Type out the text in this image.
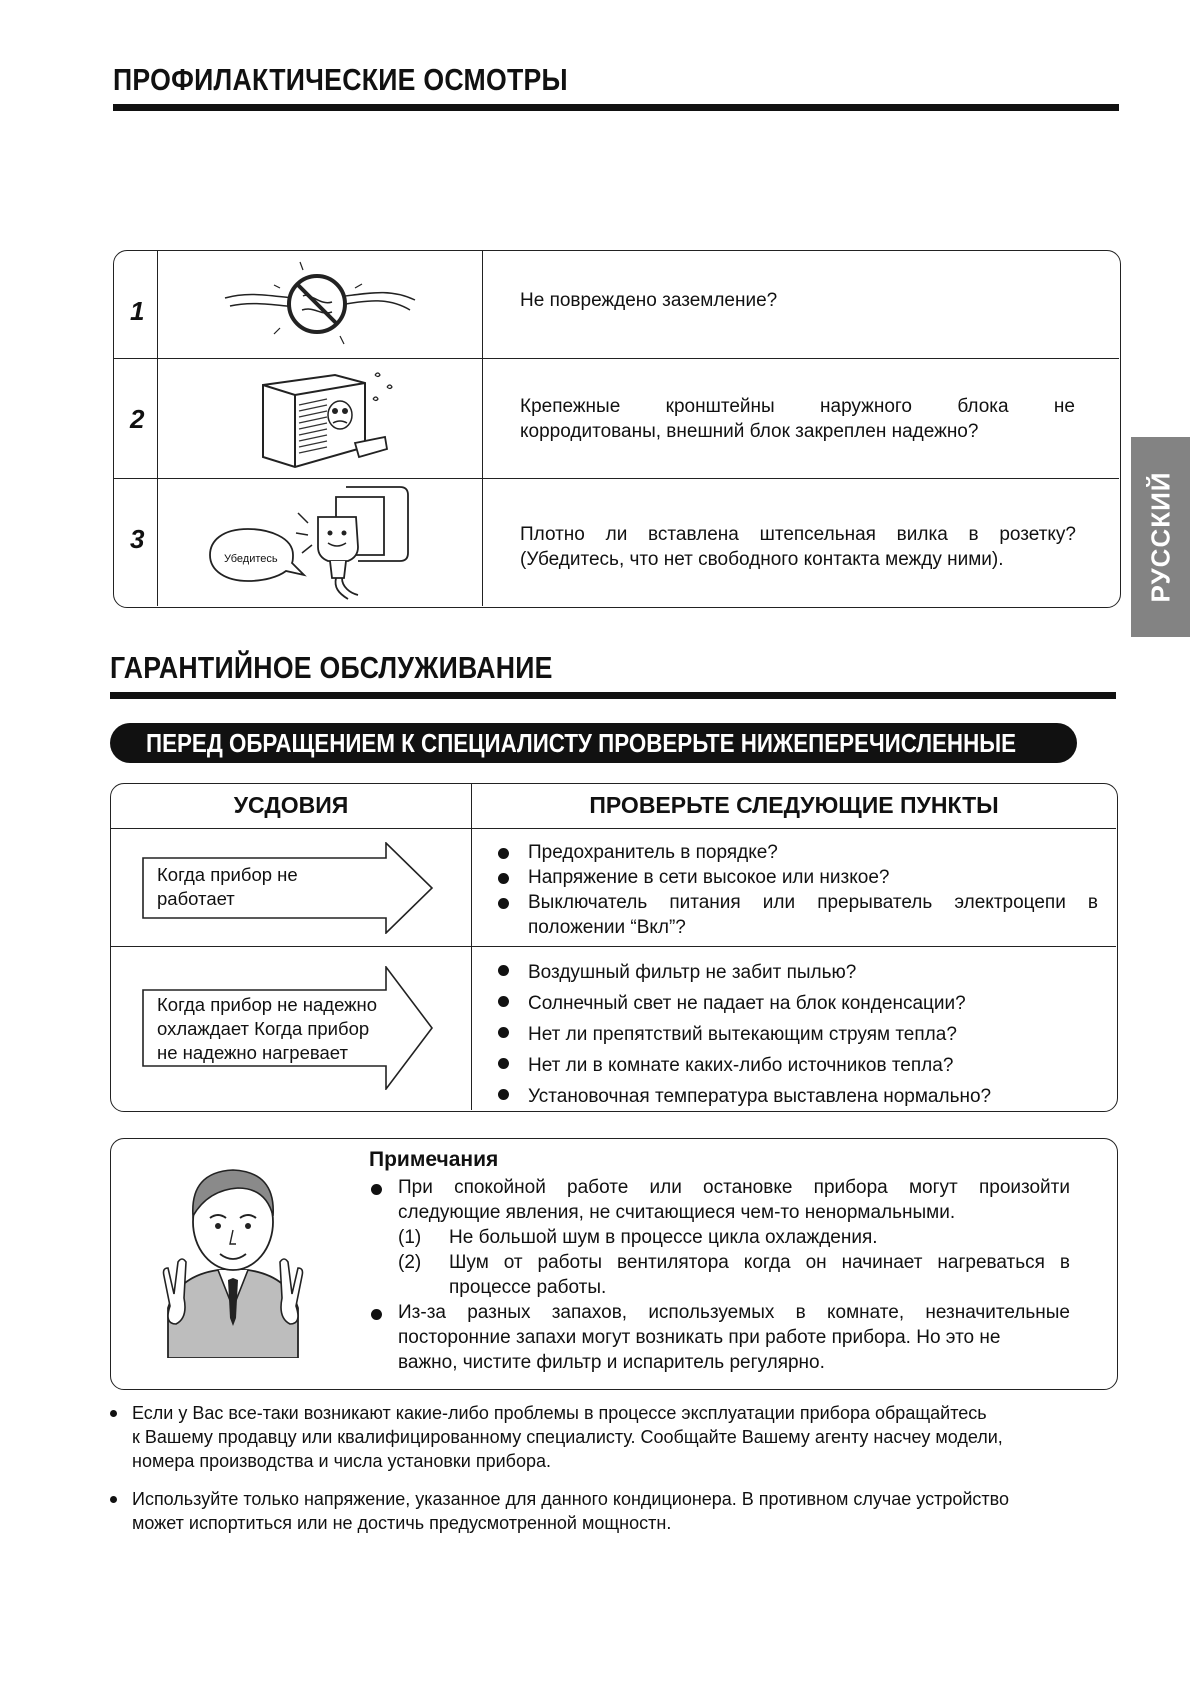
ПРОФИЛАКТИЧЕСКИЕ ОСМОТРЫ
1
2
3
Убедитесь
Не повреждено заземление?
Крепежные кронштейны наружного блока не
корродитованы, внешний блок закреплен надежно?
Плотно ли вставлена штепсельная вилка в розетку?
(Убедитесь, что нет свободного контакта между ними).	РУССКИЙ
ГАРАНТИЙНОЕ ОБСЛУЖИВАНИЕ
ПЕРЕД ОБРАЩЕНИЕМ К СПЕЦИАЛИСТУ ПРОВЕРЬТЕ НИЖЕПЕРЕЧИСЛЕННЫЕ
УСДОВИЯ	ПРОВЕРЬТЕ СЛЕДУЮЩИЕ ПУНКТЫ
Когда прибор не
работает
Предохранитель в порядке?
Напряжение в сети высокое или низкое?
Выключатель питания или прерыватель электроцепи в
положении “Вкл”?
Когда прибор не надежно
охлаждает Когда прибор
не надежно нагревает
Воздушный фильтр не забит пылью?
Солнечный свет не падает на блок конденсации?
Нет ли препятствий вытекающим струям тепла?
Нет ли в комнате каких-либо источников тепла?
Установочная температура выставлена нормально?
Примечания
При спокойной работе или остановке прибора могут произойти
следующие явления, не считающиеся чем-то ненормальными.
(1) Не большой шум в процессе цикла охлаждения.
(2) Шум от работы вентилятора когда он начинает нагреваться в
процессе работы.
Из-за разных запахов, используемых в комнате, незначительные
посторонние запахи могут возникать при работе прибора. Но это не
важно, чистите фильтр и испаритель регулярно.
Если у Вас все-таки возникают какие-либо проблемы в процессе эксплуатации прибора обращайтесь
к Вашему продавцу или квалифицированному специалисту. Сообщайте Вашему агенту насчеу модели,
номера производства и числа установки прибора.
Используйте только напряжение, указанное для данного кондиционера. В противном случае устройство
может испортиться или не достичь предусмотренной мощностн.
